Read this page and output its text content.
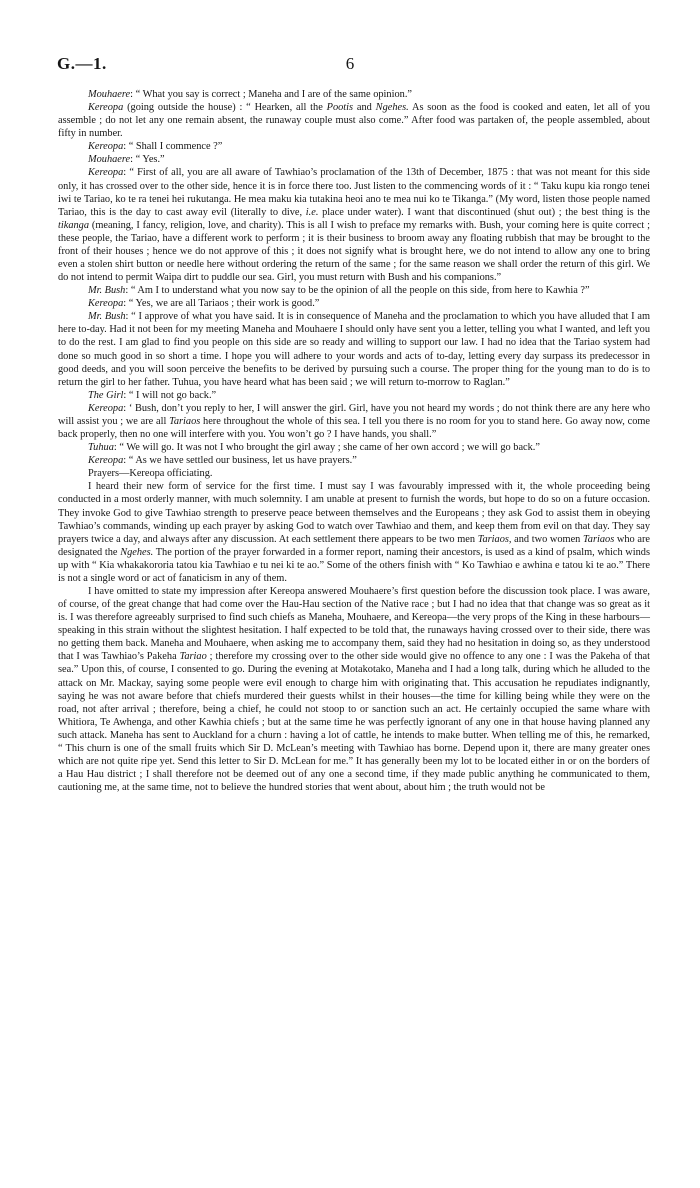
G.—1.	6

Mouhaere: “ What you say is correct ; Maneha and I are of the same opinion.”

Kereopa (going outside the house) : “ Hearken, all the Pootis and Ngehes. As soon as the food is cooked and eaten, let all of you assemble ; do not let any one remain absent, the runaway couple must also come.” After food was partaken of, the people assembled, about fifty in number.

Kereopa: “ Shall I commence ?”

Mouhaere: “ Yes.”

Kereopa: “ First of all, you are all aware of Tawhiao’s proclamation of the 13th of December, 1875 : that was not meant for this side only, it has crossed over to the other side, hence it is in force there too. Just listen to the commencing words of it : “ Taku kupu kia rongo tenei iwi te Tariao, ko te ra tenei hei rukutanga. He mea maku kia tutakina heoi ano te mea nui ko te Tikanga.” (My word, listen those people named Tariao, this is the day to cast away evil (literally to dive, i.e. place under water). I want that discontinued (shut out) ; the best thing is the tikanga (meaning, I fancy, religion, love, and charity). This is all I wish to preface my remarks with. Bush, your coming here is quite correct ; these people, the Tariao, have a different work to perform ; it is their business to broom away any floating rubbish that may be brought to the front of their houses ; hence we do not approve of this ; it does not signify what is brought here, we do not intend to allow any one to bring even a stolen shirt button or needle here without ordering the return of the same ; for the same reason we shall order the return of this girl. We do not intend to permit Waipa dirt to puddle our sea. Girl, you must return with Bush and his companions.”

Mr. Bush: “ Am I to understand what you now say to be the opinion of all the people on this side, from here to Kawhia ?”

Kereopa: “ Yes, we are all Tariaos ; their work is good.”

Mr. Bush: “ I approve of what you have said. It is in consequence of Maneha and the proclamation to which you have alluded that I am here to-day. Had it not been for my meeting Maneha and Mouhaere I should only have sent you a letter, telling you what I wanted, and left you to do the rest. I am glad to find you people on this side are so ready and willing to support our law. I had no idea that the Tariao system had done so much good in so short a time. I hope you will adhere to your words and acts of to-day, letting every day surpass its predecessor in good deeds, and you will soon perceive the benefits to be derived by pursuing such a course. The proper thing for the young man to do is to return the girl to her father. Tuhua, you have heard what has been said ; we will return to-morrow to Raglan.”

The Girl: “ I will not go back.”

Kereopa: ‘ Bush, don’t you reply to her, I will answer the girl. Girl, have you not heard my words ; do not think there are any here who will assist you ; we are all Tariaos here throughout the whole of this sea. I tell you there is no room for you to stand here. Go away now, come back properly, then no one will interfere with you. You won’t go ? I have hands, you shall.”

Tuhua: “ We will go. It was not I who brought the girl away ; she came of her own accord ; we will go back.”

Kereopa: “ As we have settled our business, let us have prayers.”

Prayers—Kereopa officiating.

I heard their new form of service for the first time. I must say I was favourably impressed with it, the whole proceeding being conducted in a most orderly manner, with much solemnity. I am unable at present to furnish the words, but hope to do so on a future occasion. They invoke God to give Tawhiao strength to preserve peace between themselves and the Europeans ; they ask God to assist them in obeying Tawhiao’s commands, winding up each prayer by asking God to watch over Tawhiao and them, and keep them from evil on that day. They say prayers twice a day, and always after any discussion. At each settlement there appears to be two men Tariaos, and two women Tariaos who are designated the Ngehes. The portion of the prayer forwarded in a former report, naming their ancestors, is used as a kind of psalm, which winds up with “ Kia whakakororia tatou kia Tawhiao e tu nei ki te ao.” Some of the others finish with “ Ko Tawhiao e awhina e tatou ki te ao.” There is not a single word or act of fanaticism in any of them.

I have omitted to state my impression after Kereopa answered Mouhaere’s first question before the discussion took place. I was aware, of course, of the great change that had come over the Hau-Hau section of the Native race ; but I had no idea that that change was so great as it is. I was therefore agreeably surprised to find such chiefs as Maneha, Mouhaere, and Kereopa—the very props of the King in these harbours—speaking in this strain without the slightest hesitation. I half expected to be told that, the runaways having crossed over to their side, there was no getting them back. Maneha and Mouhaere, when asking me to accompany them, said they had no hesitation in doing so, as they understood that I was Tawhiao’s Pakeha Tariao ; therefore my crossing over to the other side would give no offence to any one : I was the Pakeha of that sea.” Upon this, of course, I consented to go. During the evening at Motakotako, Maneha and I had a long talk, during which he alluded to the attack on Mr. Mackay, saying some people were evil enough to charge him with originating that. This accusation he repudiates indignantly, saying he was not aware before that chiefs murdered their guests whilst in their houses—the time for killing being while they were on the road, not after arrival ; therefore, being a chief, he could not stoop to or sanction such an act. He certainly occupied the same whare with Whitiora, Te Awhenga, and other Kawhia chiefs ; but at the same time he was perfectly ignorant of any one in that house having planned any such attack. Maneha has sent to Auckland for a churn : having a lot of cattle, he intends to make butter. When telling me of this, he remarked, “ This churn is one of the small fruits which Sir D. McLean’s meeting with Tawhiao has borne. Depend upon it, there are many greater ones which are not quite ripe yet. Send this letter to Sir D. McLean for me.” It has generally been my lot to be located either in or on the borders of a Hau Hau district ; I shall therefore not be deemed out of any one a second time, if they made public anything he communicated to them, cautioning me, at the same time, not to believe the hundred stories that went about, about him ; the truth would not be
